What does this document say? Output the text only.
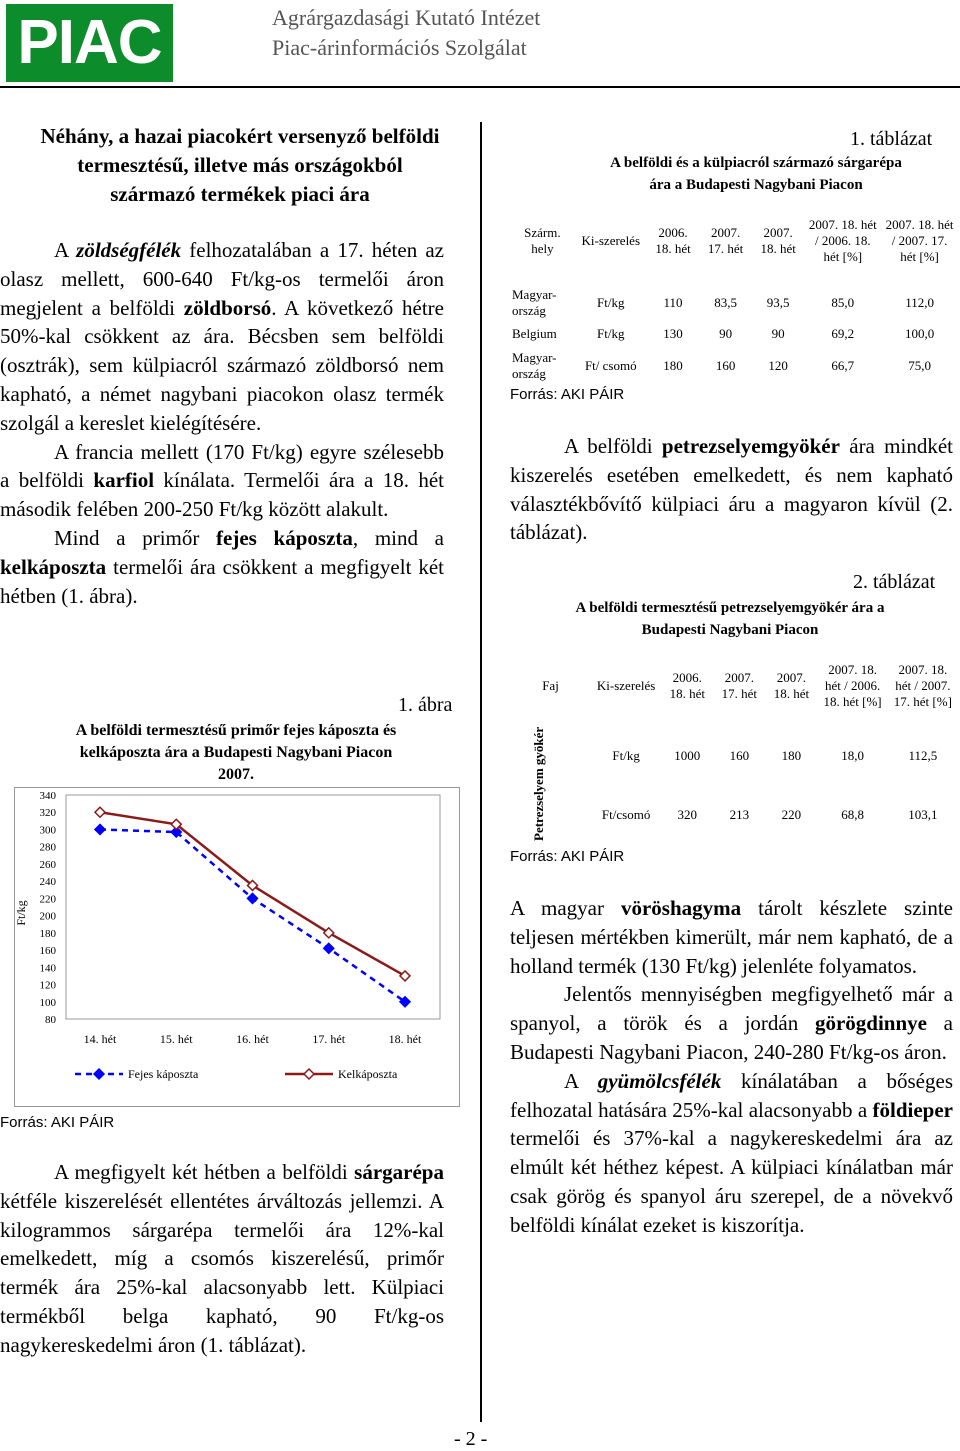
PIAC	Agrárgazdasági Kutató Intézet
Piac-árinformációs Szolgálat
Néhány, a hazai piacokért versenyző belföldi termesztésű, illetve más országokból származó termékek piaci ára

A zöldségfélék felhozatalában a 17. héten az olasz mellett, 600-640 Ft/kg-os termelői áron megjelent a belföldi zöldborsó. A következő hétre 50%-kal csökkent az ára. Bécsben sem belföldi (osztrák), sem külpiacról származó zöldborsó nem kapható, a német nagybani piacokon olasz termék szolgál a kereslet kielégítésére.

A francia mellett (170 Ft/kg) egyre szélesebb a belföldi karfiol kínálata. Termelői ára a 18. hét második felében 200-250 Ft/kg között alakult.

Mind a primőr fejes káposzta, mind a kelkáposzta termelői ára csökkent a megfigyelt két hétben (1. ábra).

1. ábra
A belföldi termesztésű primőr fejes káposzta és
kelkáposzta ára a Budapesti Nagybani Piacon
2007.
80
100
120
140
160
180
200
220
240
260
280
300
320
340
Ft/kg
14. hét	15. hét	16. hét	17. hét	18. hét
Fejes káposzta	Kelkáposzta
Forrás: AKI PÁIR

A megfigyelt két hétben a belföldi sárgarépa kétféle kiszerelését ellentétes árváltozás jellemzi. A kilogrammos sárgarépa termelői ára 12%-kal emelkedett, míg a csomós kiszerelésű, primőr termék ára 25%-kal alacsonyabb lett. Külpiaci termékből belga kapható, 90 Ft/kg-os nagykereskedelmi áron (1. táblázat).

1. táblázat
A belföldi és a külpiacról származó sárgarépa
ára a Budapesti Nagybani Piacon
Szárm. hely	Ki-szerelés	2006. 18. hét	2007. 17. hét	2007. 18. hét	2007. 18. hét / 2006. 18. hét [%]	2007. 18. hét / 2007. 17. hét [%]
Magyar-ország	Ft/kg	110	83,5	93,5	85,0	112,0
Belgium	Ft/kg	130	90	90	69,2	100,0
Magyar-ország	Ft/ csomó	180	160	120	66,7	75,0
Forrás: AKI PÁIR

A belföldi petrezselyemgyökér ára mindkét kiszerelés esetében emelkedett, és nem kapható választékbővítő külpiaci áru a magyaron kívül (2. táblázat).

2. táblázat
A belföldi termesztésű petrezselyemgyökér ára a
Budapesti Nagybani Piacon
Faj	Ki-szerelés	2006. 18. hét	2007. 17. hét	2007. 18. hét	2007. 18. hét / 2006. 18. hét [%]	2007. 18. hét / 2007. 17. hét [%]

Petrezselyem gyökér	Ft/kg	1000	160	180	18,0	112,5
	Ft/csomó	320	213	220	68,8	103,1
Forrás: AKI PÁIR

A magyar vöröshagyma tárolt készlete szinte teljesen mértékben kimerült, már nem kapható, de a holland termék (130 Ft/kg) jelenléte folyamatos.

Jelentős mennyiségben megfigyelhető már a spanyol, a török és a jordán görögdinnye a Budapesti Nagybani Piacon, 240-280 Ft/kg-os áron.

A gyümölcsfélék kínálatában a bőséges felhozatal hatására 25%-kal alacsonyabb a földieper termelői és 37%-kal a nagykereskedelmi ára az elmúlt két héthez képest. A külpiaci kínálatban már csak görög és spanyol áru szerepel, de a növekvő belföldi kínálat ezeket is kiszorítja.

- 2 -
